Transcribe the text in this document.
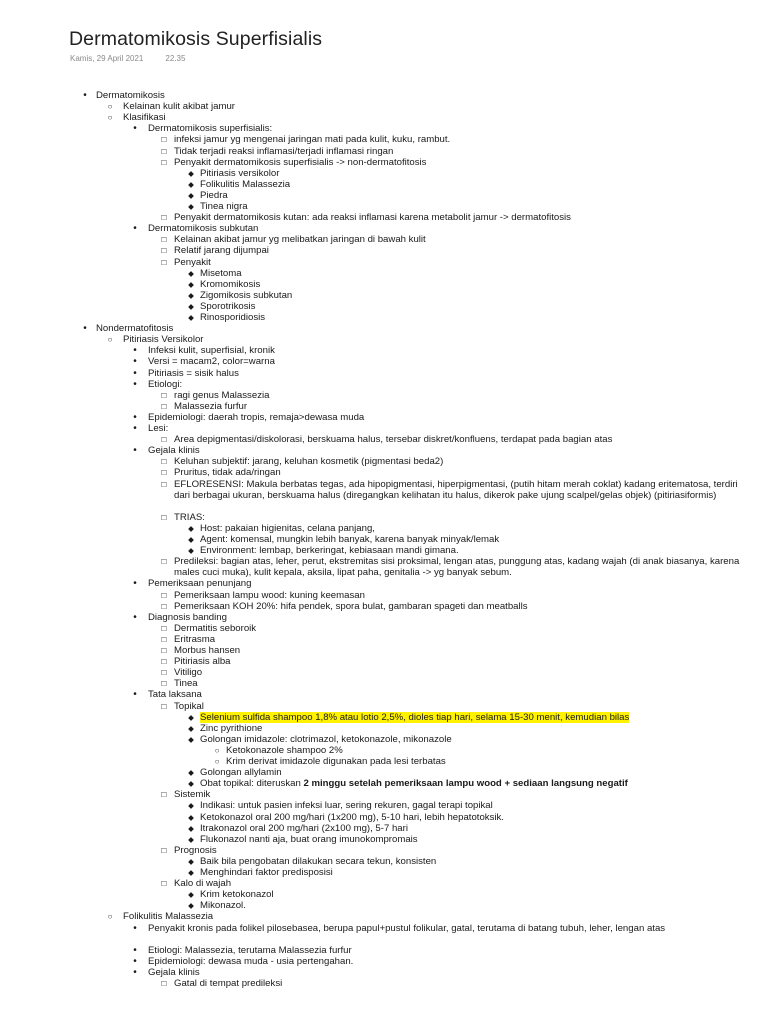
Dermatomikosis Superfisialis
Kamis, 29 April 2021	22.35
•
Dermatomikosis
○
Kelainan kulit akibat jamur
○
Klasifikasi
•
Dermatomikosis superfisialis:
□
infeksi jamur yg mengenai jaringan mati pada kulit, kuku, rambut.
□
Tidak terjadi reaksi inflamasi/terjadi inflamasi ringan
□
Penyakit dermatomikosis superfisialis -> non-dermatofitosis
◆
Pitiriasis versikolor
◆
Folikulitis Malassezia
◆
Piedra
◆
Tinea nigra
□
Penyakit dermatomikosis kutan: ada reaksi inflamasi karena metabolit jamur -> dermatofitosis
•
Dermatomikosis subkutan
□
Kelainan akibat jamur yg melibatkan jaringan di bawah kulit
□
Relatif jarang dijumpai
□
Penyakit
◆
Misetoma
◆
Kromomikosis
◆
Zigomikosis subkutan
◆
Sporotrikosis
◆
Rinosporidiosis
•
Nondermatofitosis
○
Pitiriasis Versikolor
•
Infeksi kulit, superfisial, kronik
•
Versi = macam2, color=warna
•
Pitiriasis = sisik halus
•
Etiologi:
□
ragi genus Malassezia
□
Malassezia furfur
•
Epidemiologi: daerah tropis, remaja>dewasa muda
•
Lesi:
□
Area depigmentasi/diskolorasi, berskuama halus, tersebar diskret/konfluens, terdapat pada bagian atas
•
Gejala klinis
□
Keluhan subjektif: jarang, keluhan kosmetik (pigmentasi beda2)
□
Pruritus, tidak ada/ringan
□
EFLORESENSI: Makula berbatas tegas, ada hipopigmentasi, hiperpigmentasi, (putih hitam merah coklat) kadang eritematosa, terdiri dari berbagai ukuran, berskuama halus (diregangkan kelihatan itu halus, dikerok pake ujung scalpel/gelas objek) (pitiriasiformis)
□
TRIAS:
◆
Host: pakaian higienitas, celana panjang,
◆
Agent: komensal, mungkin lebih banyak, karena banyak minyak/lemak
◆
Environment: lembap, berkeringat, kebiasaan mandi gimana.
□
Predileksi: bagian atas, leher, perut, ekstremitas sisi proksimal, lengan atas, punggung atas, kadang wajah (di anak biasanya, karena males cuci muka), kulit kepala, aksila, lipat paha, genitalia -> yg banyak sebum.
•
Pemeriksaan penunjang
□
Pemeriksaan lampu wood: kuning keemasan
□
Pemeriksaan KOH 20%: hifa pendek, spora bulat, gambaran spageti dan meatballs
•
Diagnosis banding
□
Dermatitis seboroik
□
Eritrasma
□
Morbus hansen
□
Pitiriasis alba
□
Vitiligo
□
Tinea
•
Tata laksana
□
Topikal
◆
Selenium sulfida shampoo 1,8% atau lotio 2,5%, dioles tiap hari, selama 15-30 menit, kemudian bilas
◆
Zinc pyrithione
◆
Golongan imidazole: clotrimazol, ketokonazole, mikonazole
○
Ketokonazole shampoo 2%
○
Krim derivat imidazole digunakan pada lesi terbatas
◆
Golongan allylamin
◆
Obat topikal: diteruskan 2 minggu setelah pemeriksaan lampu wood + sediaan langsung negatif
□
Sistemik
◆
Indikasi: untuk pasien infeksi luar, sering rekuren, gagal terapi topikal
◆
Ketokonazol oral 200 mg/hari (1x200 mg), 5-10 hari, lebih hepatotoksik.
◆
Itrakonazol oral 200 mg/hari (2x100 mg), 5-7 hari
◆
Flukonazol nanti aja, buat orang imunokompromais
□
Prognosis
◆
Baik bila pengobatan dilakukan secara tekun, konsisten
◆
Menghindari faktor predisposisi
□
Kalo di wajah
◆
Krim ketokonazol
◆
Mikonazol.
○
Folikulitis Malassezia
•
Penyakit kronis pada folikel pilosebasea, berupa papul+pustul folikular, gatal, terutama di batang tubuh, leher, lengan atas
•
Etiologi: Malassezia, terutama Malassezia furfur
•
Epidemiologi: dewasa muda - usia pertengahan.
•
Gejala klinis
□
Gatal di tempat predileksi
